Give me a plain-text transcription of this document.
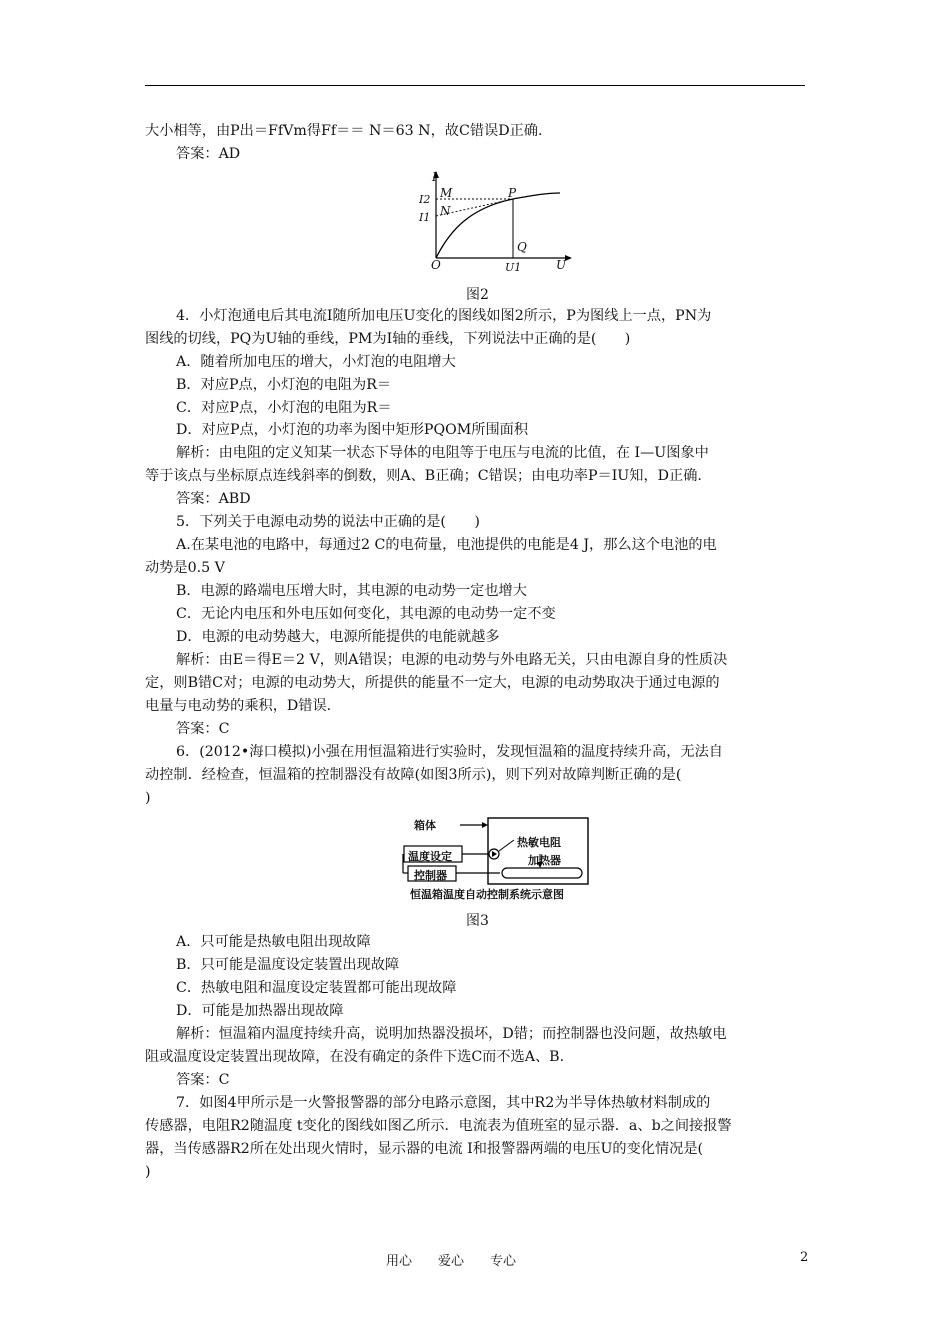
大小相等，由P出＝FfVm得Ff＝＝ N＝63 N，故C错误D正确.
答案：AD
I
U
O
M	P
N
Q
I2
I1
U1
图2
4．小灯泡通电后其电流I随所加电压U变化的图线如图2所示，P为图线上一点，PN为
图线的切线，PQ为U轴的垂线，PM为I轴的垂线，下列说法中正确的是(　　)
A．随着所加电压的增大，小灯泡的电阻增大
B．对应P点，小灯泡的电阻为R＝
C．对应P点，小灯泡的电阻为R＝
D．对应P点，小灯泡的功率为图中矩形PQOM所围面积
解析：由电阻的定义知某一状态下导体的电阻等于电压与电流的比值，在 I—U图象中
等于该点与坐标原点连线斜率的倒数，则A、B正确；C错误；由电功率P＝IU知，D正确.
答案：ABD
5．下列关于电源电动势的说法中正确的是(　　)
A.在某电池的电路中，每通过2 C的电荷量，电池提供的电能是4 J，那么这个电池的电
动势是0.5 V
B．电源的路端电压增大时，其电源的电动势一定也增大
C．无论内电压和外电压如何变化，其电源的电动势一定不变
D．电源的电动势越大，电源所能提供的电能就越多
解析：由E＝得E＝2 V，则A错误；电源的电动势与外电路无关，只由电源自身的性质决
定，则B错C对；电源的电动势大，所提供的能量不一定大，电源的电动势取决于通过电源的
电量与电动势的乘积，D错误.
答案：C
6．(2012•海口模拟)小强在用恒温箱进行实验时，发现恒温箱的温度持续升高，无法自
动控制．经检查，恒温箱的控制器没有故障(如图3所示)，则下列对故障判断正确的是(
)
箱体
热敏电阻
加热器
温度设定
控制器
恒温箱温度自动控制系统示意图
图3
A．只可能是热敏电阻出现故障
B．只可能是温度设定装置出现故障
C．热敏电阻和温度设定装置都可能出现故障
D．可能是加热器出现故障
解析：恒温箱内温度持续升高，说明加热器没损坏，D错；而控制器也没问题，故热敏电
阻或温度设定装置出现故障，在没有确定的条件下选C而不选A、B.
答案：C
7．如图4甲所示是一火警报警器的部分电路示意图，其中R2为半导体热敏材料制成的
传感器，电阻R2随温度 t变化的图线如图乙所示．电流表为值班室的显示器．a、b之间接报警
器，当传感器R2所在处出现火情时，显示器的电流 I和报警器两端的电压U的变化情况是(
)
用心　　爱心　　专心	2
